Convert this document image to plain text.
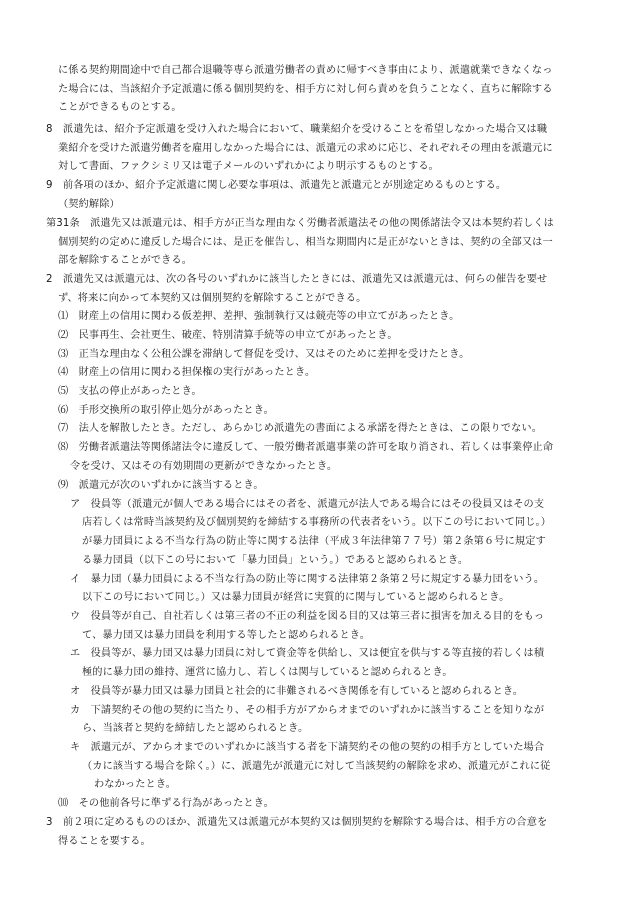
に係る契約期間途中で自己都合退職等専ら派遣労働者の責めに帰すべき事由により、派遣就業できなくなっ
た場合には、当該紹介予定派遣に係る個別契約を、相手方に対し何ら責めを負うことなく、直ちに解除する
ことができるものとする。
8　派遣先は、紹介予定派遣を受け入れた場合において、職業紹介を受けることを希望しなかった場合又は職
業紹介を受けた派遣労働者を雇用しなかった場合には、派遣元の求めに応じ、それぞれその理由を派遣元に
対して書面、ファクシミリ又は電子メールのいずれかにより明示するものとする。
9　前各項のほか、紹介予定派遣に関し必要な事項は、派遣先と派遣元とが別途定めるものとする。
（契約解除）
第31条　派遣先又は派遣元は、相手方が正当な理由なく労働者派遣法その他の関係諸法令又は本契約若しくは
個別契約の定めに違反した場合には、是正を催告し、相当な期間内に是正がないときは、契約の全部又は一
部を解除することができる。
2　派遣先又は派遣元は、次の各号のいずれかに該当したときには、派遣先又は派遣元は、何らの催告を要せ
ず、将来に向かって本契約又は個別契約を解除することができる。
⑴　財産上の信用に関わる仮差押、差押、強制執行又は競売等の申立てがあったとき。
⑵　民事再生、会社更生、破産、特別清算手続等の申立てがあったとき。
⑶　正当な理由なく公租公課を滞納して督促を受け、又はそのために差押を受けたとき。
⑷　財産上の信用に関わる担保権の実行があったとき。
⑸　支払の停止があったとき。
⑹　手形交換所の取引停止処分があったとき。
⑺　法人を解散したとき。ただし、あらかじめ派遣先の書面による承諾を得たときは、この限りでない。
⑻　労働者派遣法等関係諸法令に違反して、一般労働者派遣事業の許可を取り消され、若しくは事業停止命
令を受け、又はその有効期間の更新ができなかったとき。
⑼　派遣元が次のいずれかに該当するとき。
ア　役員等（派遣元が個人である場合にはその者を、派遣元が法人である場合にはその役員又はその支
店若しくは常時当該契約及び個別契約を締結する事務所の代表者をいう。以下この号において同じ。）
が暴力団員による不当な行為の防止等に関する法律（平成３年法律第７７号）第２条第６号に規定す
る暴力団員（以下この号において「暴力団員」という。）であると認められるとき。
イ　暴力団（暴力団員による不当な行為の防止等に関する法律第２条第２号に規定する暴力団をいう。
以下この号において同じ。）又は暴力団員が経営に実質的に関与していると認められるとき。
ウ　役員等が自己、自社若しくは第三者の不正の利益を図る目的又は第三者に損害を加える目的をもっ
て、暴力団又は暴力団員を利用する等したと認められるとき。
エ　役員等が、暴力団又は暴力団員に対して資金等を供給し、又は便宜を供与する等直接的若しくは積
極的に暴力団の維持、運営に協力し、若しくは関与していると認められるとき。
オ　役員等が暴力団又は暴力団員と社会的に非難されるべき関係を有していると認められるとき。
カ　下請契約その他の契約に当たり、その相手方がアからオまでのいずれかに該当することを知りなが
ら、当該者と契約を締結したと認められるとき。
キ　派遣元が、アからオまでのいずれかに該当する者を下請契約その他の契約の相手方としていた場合
（カに該当する場合を除く。）に、派遣先が派遣元に対して当該契約の解除を求め、派遣元がこれに従
わなかったとき。
⑽　その他前各号に準ずる行為があったとき。
3　前２項に定めるもののほか、派遣先又は派遣元が本契約又は個別契約を解除する場合は、相手方の合意を
得ることを要する。
